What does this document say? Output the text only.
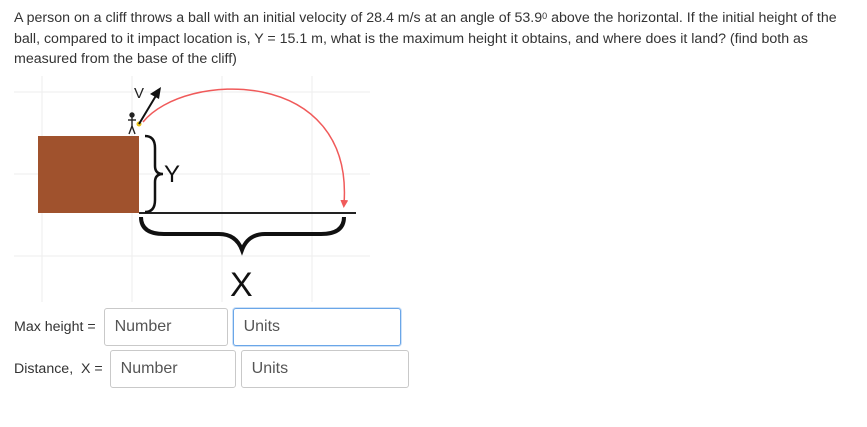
A person on a cliff throws a ball with an initial velocity of 28.4 m/s at an angle of 53.9$^0$ above the horizontal. If the initial height of the ball, compared to it impact location is, Y = 15.1 m, what is the maximum height it obtains, and where does it land? (find both as measured from the base of the cliff)
V
Y
X
Max height =
Number
Units
Distance,  X =
Number
Units
